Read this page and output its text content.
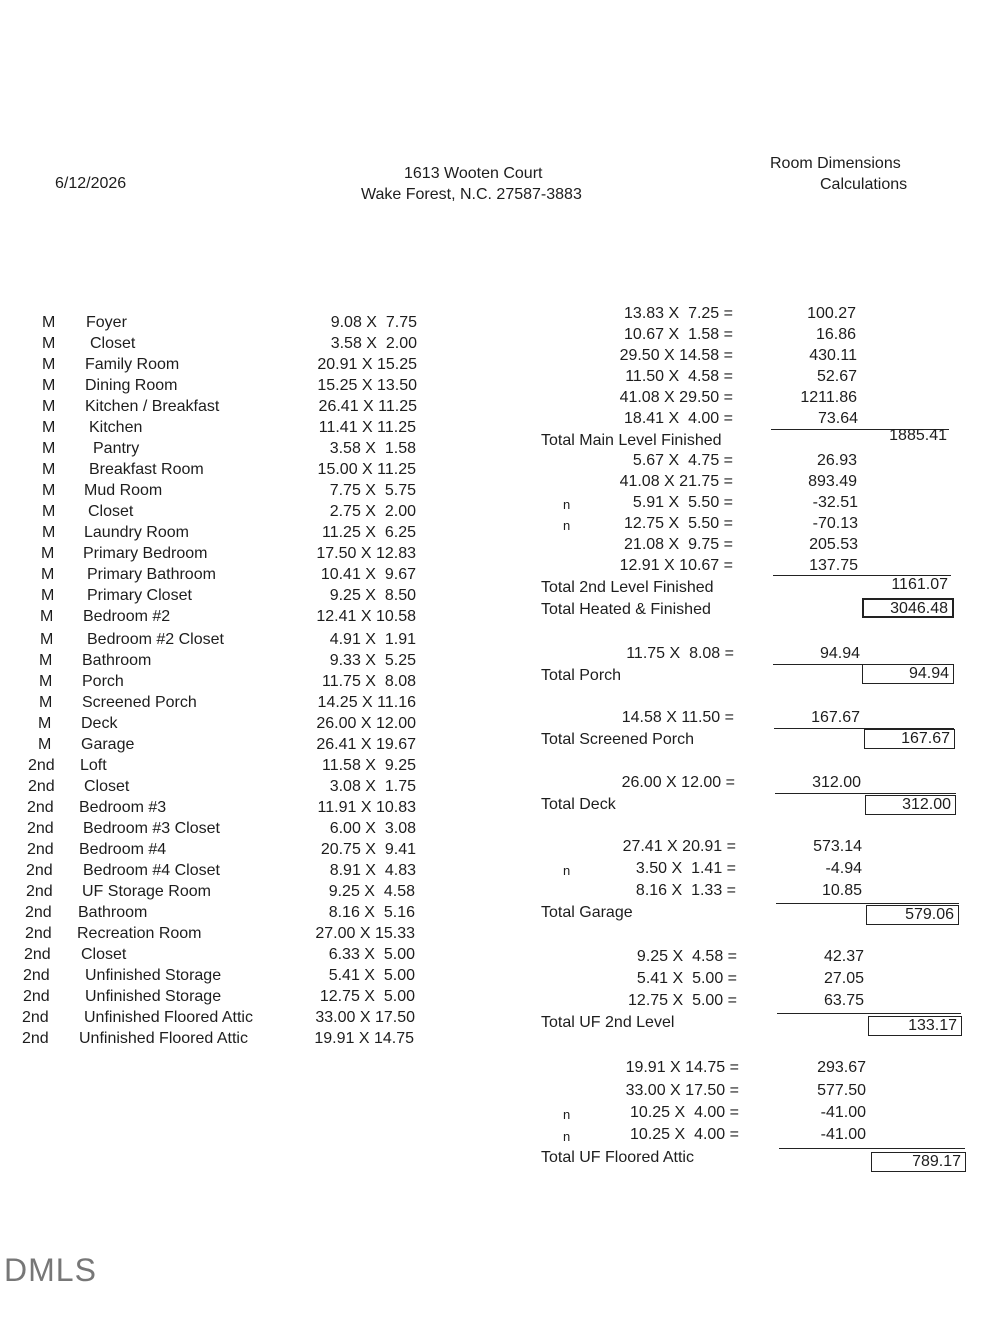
6/12/2026
1613 Wooten Court
Wake Forest, N.C. 27587-3883
Room Dimensions
Calculations
M Foyer	9.08 X  7.75
M Closet	3.58 X  2.00
M Family Room	20.91 X 15.25
M Dining Room	15.25 X 13.50
M Kitchen / Breakfast	26.41 X 11.25
M Kitchen	11.41 X 11.25
M Pantry	3.58 X  1.58
M Breakfast Room	15.00 X 11.25
M Mud Room	7.75 X  5.75
M Closet	2.75 X  2.00
M Laundry Room	11.25 X  6.25
M Primary Bedroom	17.50 X 12.83
M Primary Bathroom	10.41 X  9.67
M Primary Closet	9.25 X  8.50
M Bedroom #2	12.41 X 10.58
M Bedroom #2 Closet	4.91 X  1.91
M Bathroom	9.33 X  5.25
M Porch	11.75 X  8.08
M Screened Porch	14.25 X 11.16
M Deck	26.00 X 12.00
M Garage	26.41 X 19.67
2nd Loft	11.58 X  9.25
2nd Closet	3.08 X  1.75
2nd Bedroom #3	11.91 X 10.83
2nd Bedroom #3 Closet	6.00 X  3.08
2nd Bedroom #4	20.75 X  9.41
2nd Bedroom #4 Closet	8.91 X  4.83
2nd UF Storage Room	9.25 X  4.58
2nd Bathroom	8.16 X  5.16
2nd Recreation Room	27.00 X 15.33
2nd Closet	6.33 X  5.00
2nd Unfinished Storage	5.41 X  5.00
2nd Unfinished Storage	12.75 X  5.00
2nd Unfinished Floored Attic	33.00 X 17.50
2nd Unfinished Floored Attic	19.91 X 14.75
13.83 X  7.25 =	100.27
10.67 X  1.58 =	16.86
29.50 X 14.58 =	430.11
11.50 X  4.58 =	52.67
41.08 X 29.50 =	1211.86
18.41 X  4.00 =	73.64
Total Main Level Finished	1885.41
5.67 X  4.75 =	26.93
41.08 X 21.75 =	893.49
n	5.91 X  5.50 =	-32.51
n	12.75 X  5.50 =	-70.13
21.08 X  9.75 =	205.53
12.91 X 10.67 =	137.75
Total 2nd Level Finished	1161.07
Total Heated & Finished	3046.48
11.75 X  8.08 =	94.94
Total Porch	94.94
14.58 X 11.50 =	167.67
Total Screened Porch	167.67
26.00 X 12.00 =	312.00
Total Deck	312.00
27.41 X 20.91 =	573.14
n	3.50 X  1.41 =	-4.94
8.16 X  1.33 =	10.85
Total Garage	579.06
9.25 X  4.58 =	42.37
5.41 X  5.00 =	27.05
12.75 X  5.00 =	63.75
Total UF 2nd Level	133.17
19.91 X 14.75 =	293.67
33.00 X 17.50 =	577.50
n	10.25 X  4.00 =	-41.00
n	10.25 X  4.00 =	-41.00
Total UF Floored Attic	789.17
DMLS
